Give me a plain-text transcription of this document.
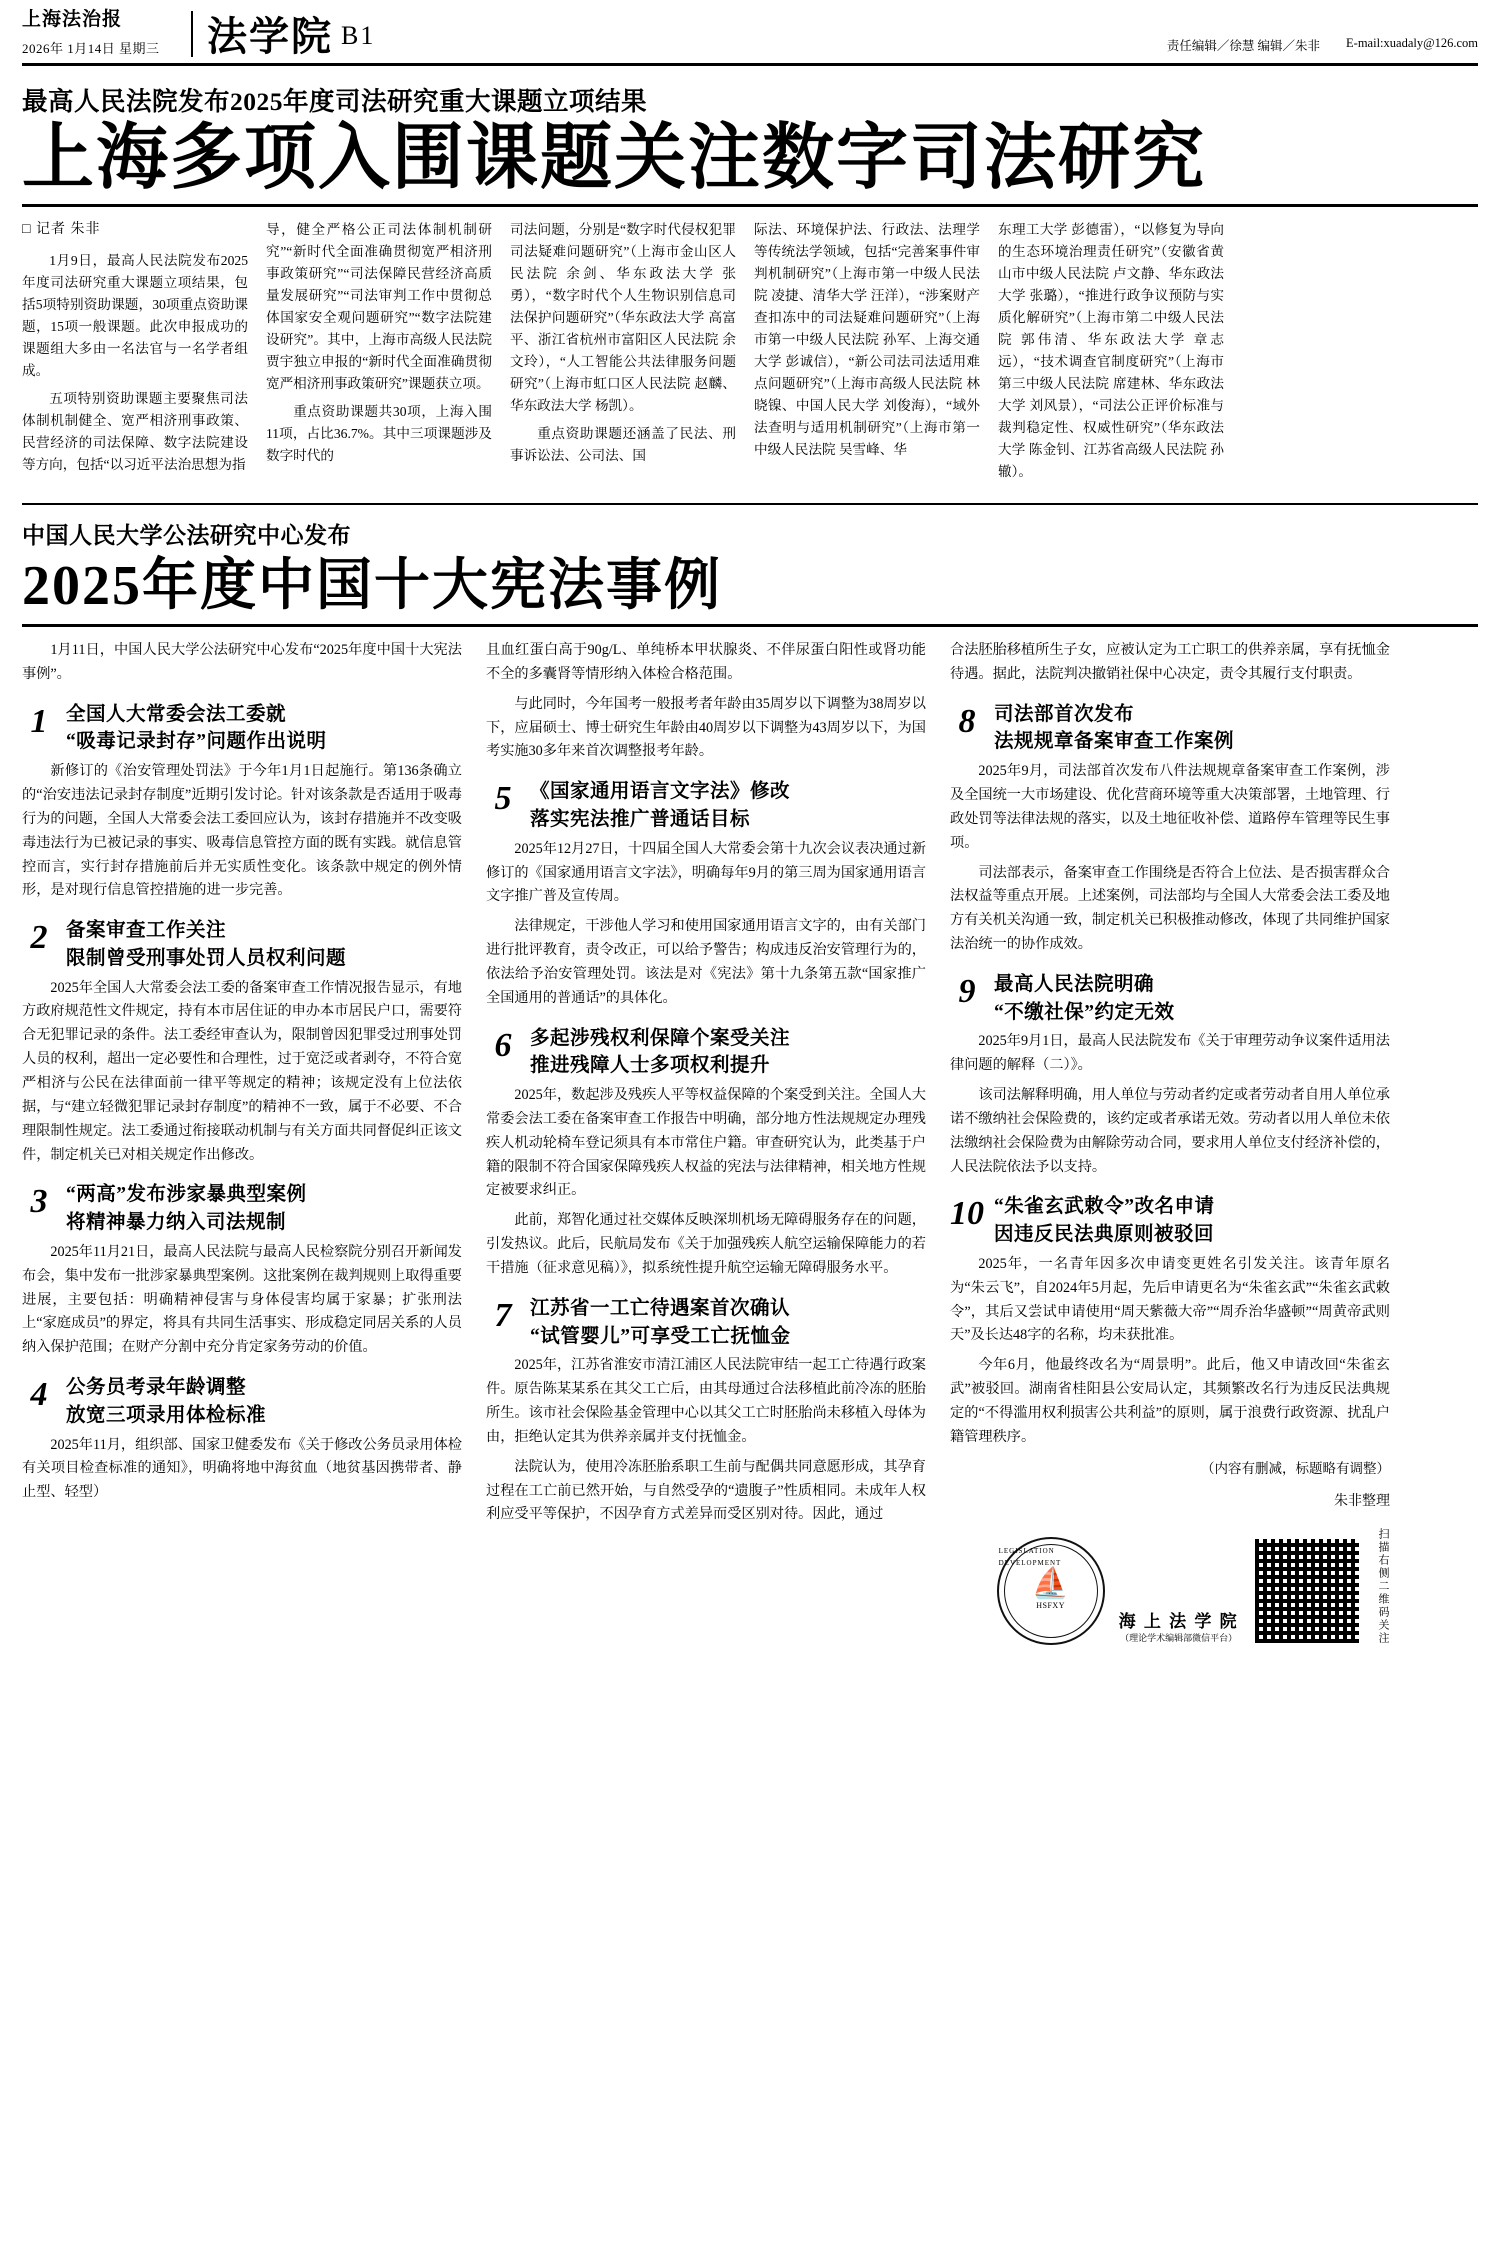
上海法治报
2026年 1月14日 星期三	法学院 B1	责任编辑／徐慧 编辑／朱非 E-mail:xuadaly@126.com
最高人民法院发布2025年度司法研究重大课题立项结果
上海多项入围课题关注数字司法研究
□ 记者 朱非

1月9日，最高人民法院发布2025年度司法研究重大课题立项结果，包括5项特别资助课题，30项重点资助课题，15项一般课题。此次申报成功的课题组大多由一名法官与一名学者组成。

五项特别资助课题主要聚焦司法体制机制健全、宽严相济刑事政策、民营经济的司法保障、数字法院建设等方向，包括“以习近平法治思想为指

导，健全严格公正司法体制机制研究”“新时代全面准确贯彻宽严相济刑事政策研究”“司法保障民营经济高质量发展研究”“司法审判工作中贯彻总体国家安全观问题研究”“数字法院建设研究”。其中，上海市高级人民法院贾宇独立申报的“新时代全面准确贯彻宽严相济刑事政策研究”课题获立项。

重点资助课题共30项，上海入围11项，占比36.7%。其中三项课题涉及数字时代的

司法问题，分别是“数字时代侵权犯罪司法疑难问题研究”（上海市金山区人民法院 余剑、华东政法大学 张勇），“数字时代个人生物识别信息司法保护问题研究”（华东政法大学 高富平、浙江省杭州市富阳区人民法院 余文玲），“人工智能公共法律服务问题研究”（上海市虹口区人民法院 赵麟、华东政法大学 杨凯）。

重点资助课题还涵盖了民法、刑事诉讼法、公司法、国

际法、环境保护法、行政法、法理学等传统法学领域，包括“完善案事件审判机制研究”（上海市第一中级人民法院 凌捷、清华大学 汪洋），“涉案财产查扣冻中的司法疑难问题研究”（上海市第一中级人民法院 孙军、上海交通大学 彭诚信），“新公司法司法适用难点问题研究”（上海市高级人民法院 林晓镍、中国人民大学 刘俊海），“域外法查明与适用机制研究”（上海市第一中级人民法院 吴雪峰、华

东理工大学 彭德雷），“以修复为导向的生态环境治理责任研究”（安徽省黄山市中级人民法院 卢文静、华东政法大学 张璐），“推进行政争议预防与实质化解研究”（上海市第二中级人民法院 郭伟清、华东政法大学 章志远），“技术调查官制度研究”（上海市第三中级人民法院 席建林、华东政法大学 刘风景），“司法公正评价标准与裁判稳定性、权威性研究”（华东政法大学 陈金钊、江苏省高级人民法院 孙辙）。

中国人民大学公法研究中心发布
2025年度中国十大宪法事例

1月11日，中国人民大学公法研究中心发布“2025年度中国十大宪法事例”。

1 全国人大常委会法工委就
“吸毒记录封存”问题作出说明

新修订的《治安管理处罚法》于今年1月1日起施行。第136条确立的“治安违法记录封存制度”近期引发讨论。针对该条款是否适用于吸毒行为的问题，全国人大常委会法工委回应认为，该封存措施并不改变吸毒违法行为已被记录的事实、吸毒信息管控方面的既有实践。就信息管控而言，实行封存措施前后并无实质性变化。该条款中规定的例外情形，是对现行信息管控措施的进一步完善。

2 备案审查工作关注
限制曾受刑事处罚人员权利问题

2025年全国人大常委会法工委的备案审查工作情况报告显示，有地方政府规范性文件规定，持有本市居住证的申办本市居民户口，需要符合无犯罪记录的条件。法工委经审查认为，限制曾因犯罪受过刑事处罚人员的权利，超出一定必要性和合理性，过于宽泛或者剥夺，不符合宽严相济与公民在法律面前一律平等规定的精神；该规定没有上位法依据，与“建立轻微犯罪记录封存制度”的精神不一致，属于不必要、不合理限制性规定。法工委通过衔接联动机制与有关方面共同督促纠正该文件，制定机关已对相关规定作出修改。

3 “两高”发布涉家暴典型案例
将精神暴力纳入司法规制

2025年11月21日，最高人民法院与最高人民检察院分别召开新闻发布会，集中发布一批涉家暴典型案例。这批案例在裁判规则上取得重要进展，主要包括：明确精神侵害与身体侵害均属于家暴；扩张刑法上“家庭成员”的界定，将具有共同生活事实、形成稳定同居关系的人员纳入保护范围；在财产分割中充分肯定家务劳动的价值。

4 公务员考录年龄调整
放宽三项录用体检标准

2025年11月，组织部、国家卫健委发布《关于修改公务员录用体检有关项目检查标准的通知》，明确将地中海贫血（地贫基因携带者、静止型、轻型）

且血红蛋白高于90g/L、单纯桥本甲状腺炎、不伴尿蛋白阳性或肾功能不全的多囊肾等情形纳入体检合格范围。

与此同时，今年国考一般报考者年龄由35周岁以下调整为38周岁以下，应届硕士、博士研究生年龄由40周岁以下调整为43周岁以下，为国考实施30多年来首次调整报考年龄。

5 《国家通用语言文字法》修改
落实宪法推广普通话目标

2025年12月27日，十四届全国人大常委会第十九次会议表决通过新修订的《国家通用语言文字法》，明确每年9月的第三周为国家通用语言文字推广普及宣传周。

法律规定，干涉他人学习和使用国家通用语言文字的，由有关部门进行批评教育，责令改正，可以给予警告；构成违反治安管理行为的，依法给予治安管理处罚。该法是对《宪法》第十九条第五款“国家推广全国通用的普通话”的具体化。

6 多起涉残权利保障个案受关注
推进残障人士多项权利提升

2025年，数起涉及残疾人平等权益保障的个案受到关注。全国人大常委会法工委在备案审查工作报告中明确，部分地方性法规规定办理残疾人机动轮椅车登记须具有本市常住户籍。审查研究认为，此类基于户籍的限制不符合国家保障残疾人权益的宪法与法律精神，相关地方性规定被要求纠正。

此前，郑智化通过社交媒体反映深圳机场无障碍服务存在的问题，引发热议。此后，民航局发布《关于加强残疾人航空运输保障能力的若干措施（征求意见稿）》，拟系统性提升航空运输无障碍服务水平。

7 江苏省一工亡待遇案首次确认
“试管婴儿”可享受工亡抚恤金

2025年，江苏省淮安市清江浦区人民法院审结一起工亡待遇行政案件。原告陈某某系在其父工亡后，由其母通过合法移植此前冷冻的胚胎所生。该市社会保险基金管理中心以其父工亡时胚胎尚未移植入母体为由，拒绝认定其为供养亲属并支付抚恤金。

法院认为，使用冷冻胚胎系职工生前与配偶共同意愿形成，其孕育过程在工亡前已然开始，与自然受孕的“遗腹子”性质相同。未成年人权利应受平等保护，不因孕育方式差异而受区别对待。因此，通过

合法胚胎移植所生子女，应被认定为工亡职工的供养亲属，享有抚恤金待遇。据此，法院判决撤销社保中心决定，责令其履行支付职责。

8 司法部首次发布
法规规章备案审查工作案例

2025年9月，司法部首次发布八件法规规章备案审查工作案例，涉及全国统一大市场建设、优化营商环境等重大决策部署，土地管理、行政处罚等法律法规的落实，以及土地征收补偿、道路停车管理等民生事项。

司法部表示，备案审查工作围绕是否符合上位法、是否损害群众合法权益等重点开展。上述案例，司法部均与全国人大常委会法工委及地方有关机关沟通一致，制定机关已积极推动修改，体现了共同维护国家法治统一的协作成效。

9 最高人民法院明确
“不缴社保”约定无效

2025年9月1日，最高人民法院发布《关于审理劳动争议案件适用法律问题的解释（二）》。

该司法解释明确，用人单位与劳动者约定或者劳动者自用人单位承诺不缴纳社会保险费的，该约定或者承诺无效。劳动者以用人单位未依法缴纳社会保险费为由解除劳动合同，要求用人单位支付经济补偿的，人民法院依法予以支持。

10 “朱雀玄武敕令”改名申请
因违反民法典原则被驳回

2025年，一名青年因多次申请变更姓名引发关注。该青年原名为“朱云飞”，自2024年5月起，先后申请更名为“朱雀玄武”“朱雀玄武敕令”，其后又尝试申请使用“周天紫薇大帝”“周乔治华盛顿”“周黄帝武则天”及长达48字的名称，均未获批准。

今年6月，他最终改名为“周景明”。此后，他又申请改回“朱雀玄武”被驳回。湖南省桂阳县公安局认定，其频繁改名行为违反民法典规定的“不得滥用权利损害公共利益”的原则，属于浪费行政资源、扰乱户籍管理秩序。

（内容有删减，标题略有调整）
朱非整理
LEGISLATION DEVELOPMENT
⛵
HSFXY
海 上 法 学 院
（理论学术编辑部微信平台）	扫描右侧二维码关注
